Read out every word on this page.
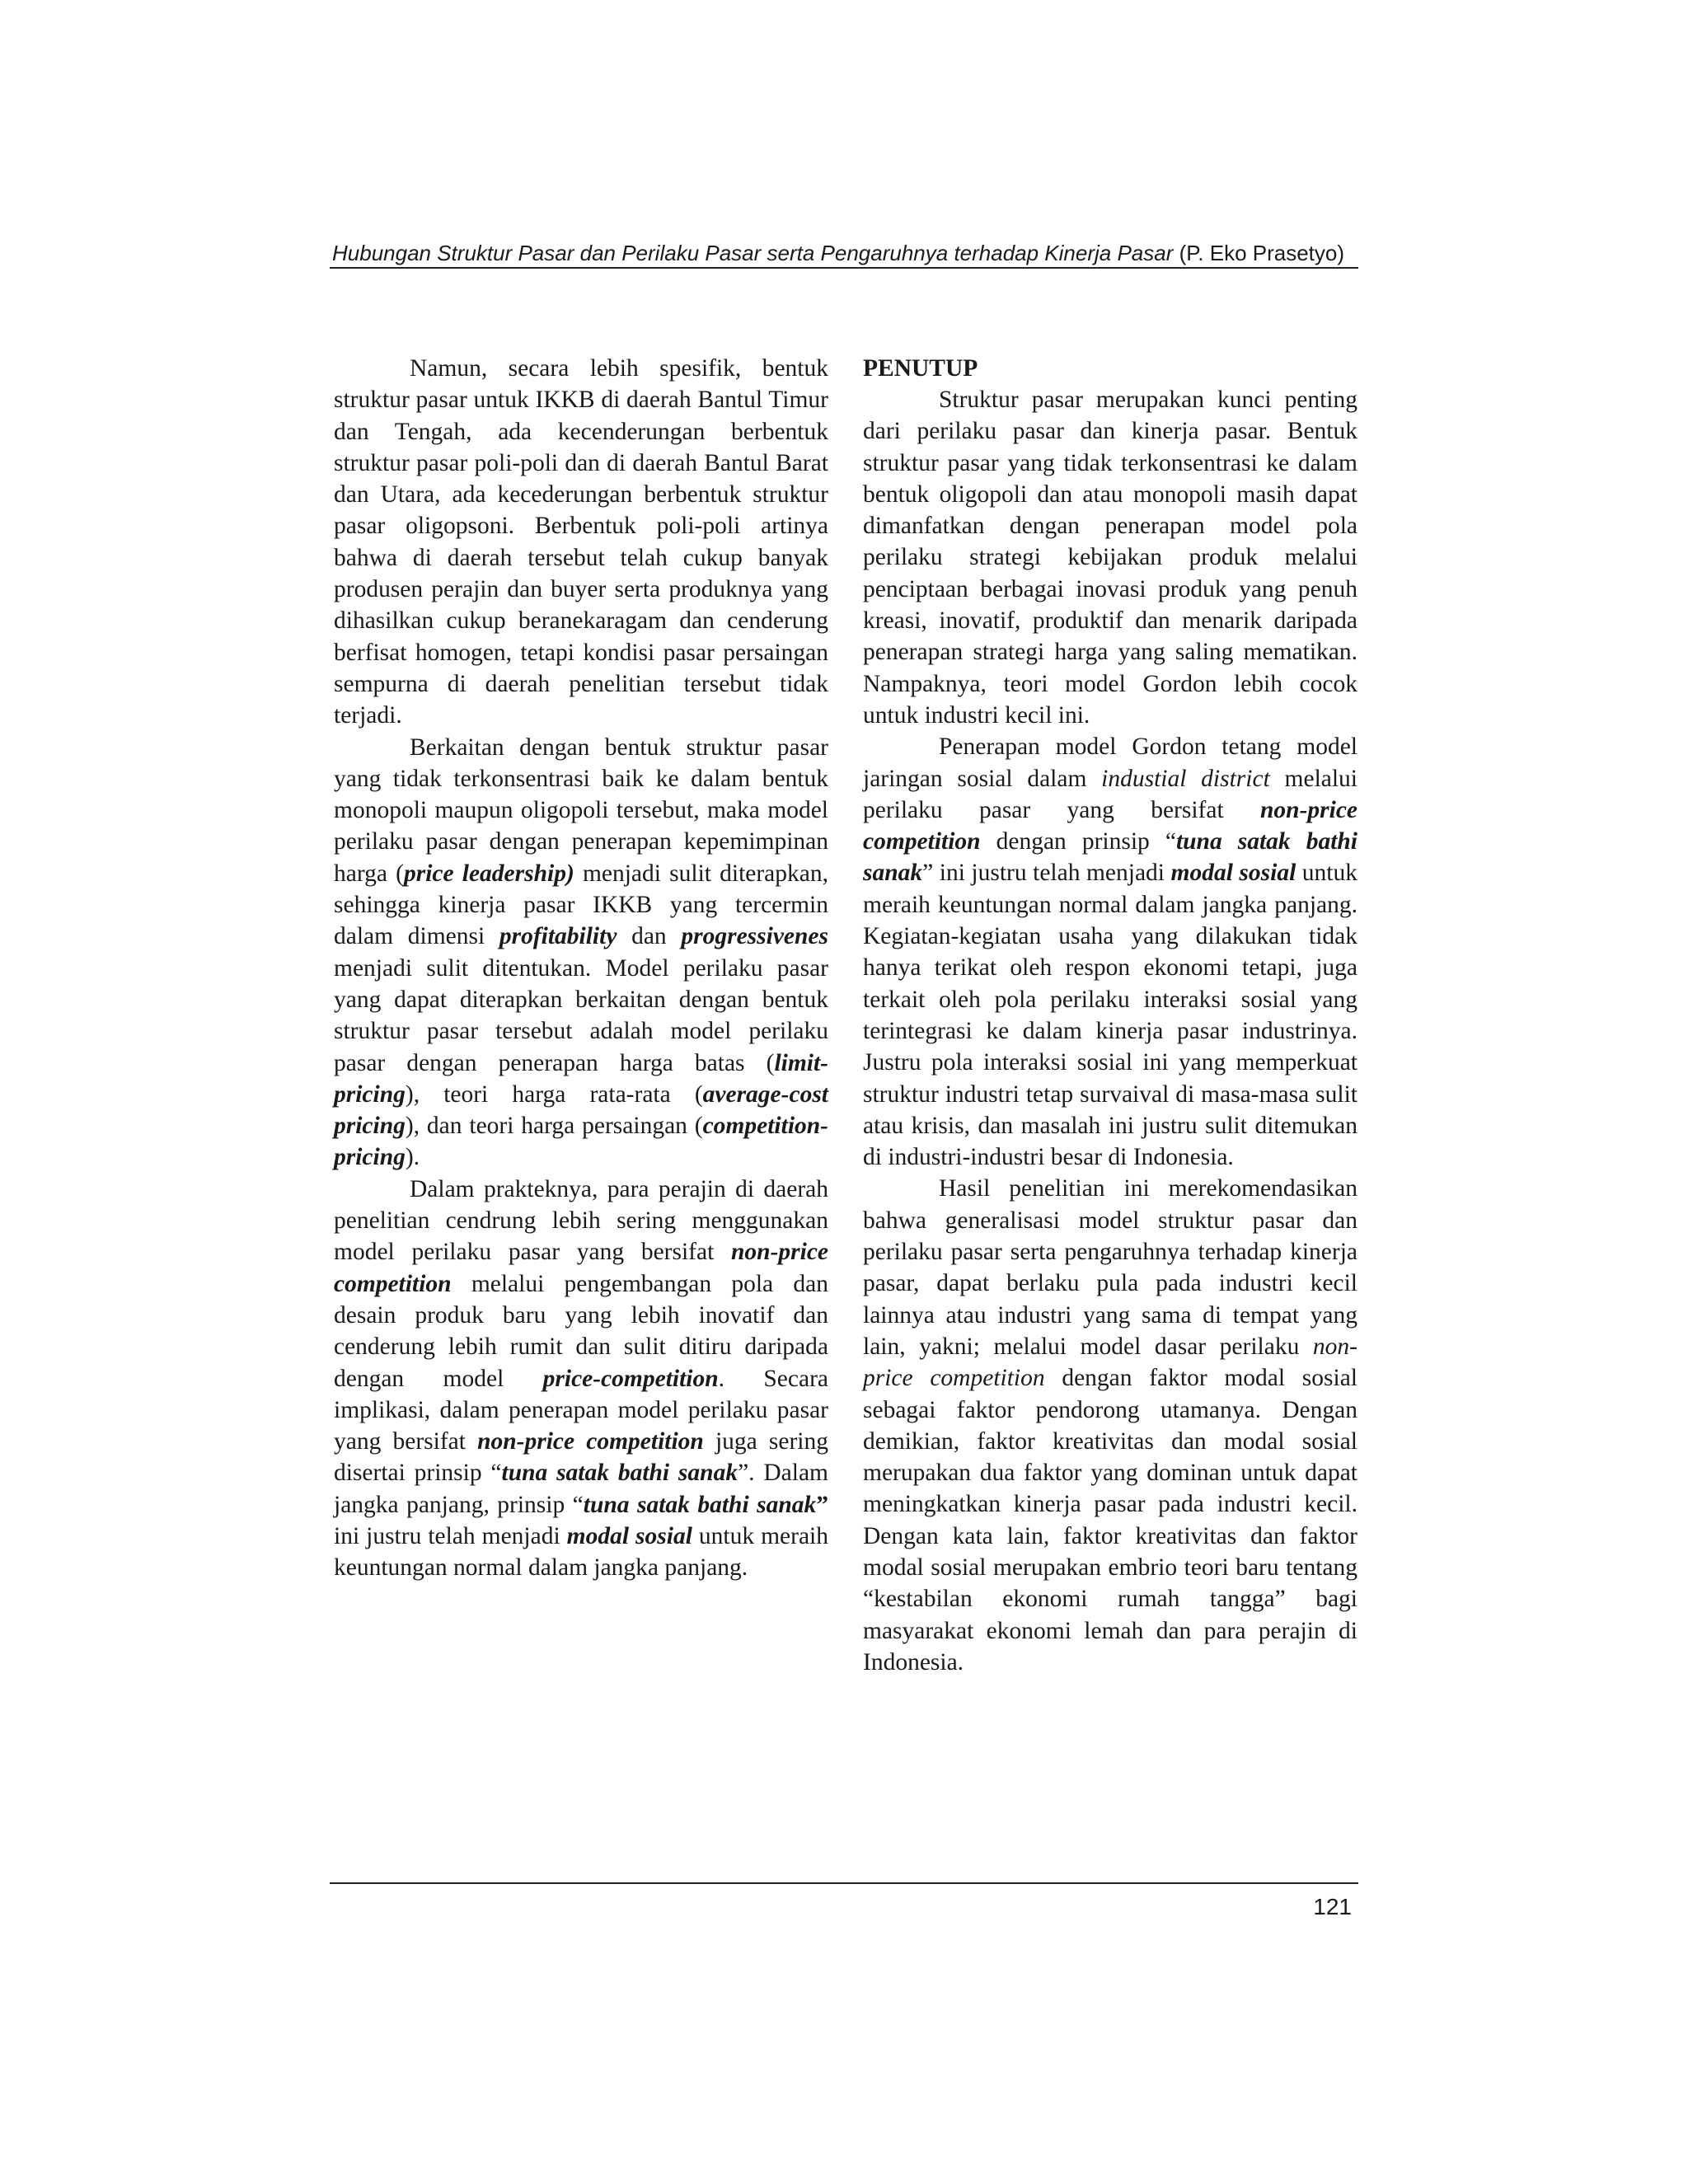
Hubungan Struktur Pasar dan Perilaku Pasar serta Pengaruhnya terhadap Kinerja Pasar (P. Eko Prasetyo)

Namun, secara lebih spesifik, bentuk struktur pasar untuk IKKB di daerah Bantul Timur dan Tengah, ada kecenderungan berbentuk struktur pasar poli-poli dan di daerah Bantul Barat dan Utara, ada kecederungan berbentuk struktur pasar oligopsoni. Berbentuk poli-poli artinya bahwa di daerah tersebut telah cukup banyak produsen perajin dan buyer serta produknya yang dihasilkan cukup beranekaragam dan cenderung berfisat homogen, tetapi kondisi pasar persaingan sempurna di daerah penelitian tersebut tidak terjadi.

Berkaitan dengan bentuk struktur pasar yang tidak terkonsentrasi baik ke dalam bentuk monopoli maupun oligopoli tersebut, maka model perilaku pasar dengan penerapan kepemimpinan harga (price leadership) menjadi sulit diterapkan, sehingga kinerja pasar IKKB yang tercermin dalam dimensi profitability dan progressivenes menjadi sulit ditentukan. Model perilaku pasar yang dapat diterapkan berkaitan dengan bentuk struktur pasar tersebut adalah model perilaku pasar dengan penerapan harga batas (limit-pricing), teori harga rata-rata (average-cost pricing), dan teori harga persaingan (competition-pricing).

Dalam prakteknya, para perajin di daerah penelitian cendrung lebih sering menggunakan model perilaku pasar yang bersifat non-price competition melalui pengembangan pola dan desain produk baru yang lebih inovatif dan cenderung lebih rumit dan sulit ditiru daripada dengan model price-competition. Secara implikasi, dalam penerapan model perilaku pasar yang bersifat non-price competition juga sering disertai prinsip “tuna satak bathi sanak”. Dalam jangka panjang, prinsip “tuna satak bathi sanak” ini justru telah menjadi modal sosial untuk meraih keuntungan normal dalam jangka panjang.

PENUTUP

Struktur pasar merupakan kunci penting dari perilaku pasar dan kinerja pasar. Bentuk struktur pasar yang tidak terkonsentrasi ke dalam bentuk oligopoli dan atau monopoli masih dapat dimanfatkan dengan penerapan model pola perilaku strategi kebijakan produk melalui penciptaan berbagai inovasi produk yang penuh kreasi, inovatif, produktif dan menarik daripada penerapan strategi harga yang saling mematikan. Nampaknya, teori model Gordon lebih cocok untuk industri kecil ini.

Penerapan model Gordon tetang model jaringan sosial dalam industial district melalui perilaku pasar yang bersifat non-price competition dengan prinsip “tuna satak bathi sanak” ini justru telah menjadi modal sosial untuk meraih keuntungan normal dalam jangka panjang. Kegiatan-kegiatan usaha yang dilakukan tidak hanya terikat oleh respon ekonomi tetapi, juga terkait oleh pola perilaku interaksi sosial yang terintegrasi ke dalam kinerja pasar industrinya. Justru pola interaksi sosial ini yang memperkuat struktur industri tetap survaival di masa-masa sulit atau krisis, dan masalah ini justru sulit ditemukan di industri-industri besar di Indonesia.

Hasil penelitian ini merekomendasikan bahwa generalisasi model struktur pasar dan perilaku pasar serta pengaruhnya terhadap kinerja pasar, dapat berlaku pula pada industri kecil lainnya atau industri yang sama di tempat yang lain, yakni; melalui model dasar perilaku non-price competition dengan faktor modal sosial sebagai faktor pendorong utamanya. Dengan demikian, faktor kreativitas dan modal sosial merupakan dua faktor yang dominan untuk dapat meningkatkan kinerja pasar pada industri kecil. Dengan kata lain, faktor kreativitas dan faktor modal sosial merupakan embrio teori baru tentang “kestabilan ekonomi rumah tangga” bagi masyarakat ekonomi lemah dan para perajin di Indonesia.

121
